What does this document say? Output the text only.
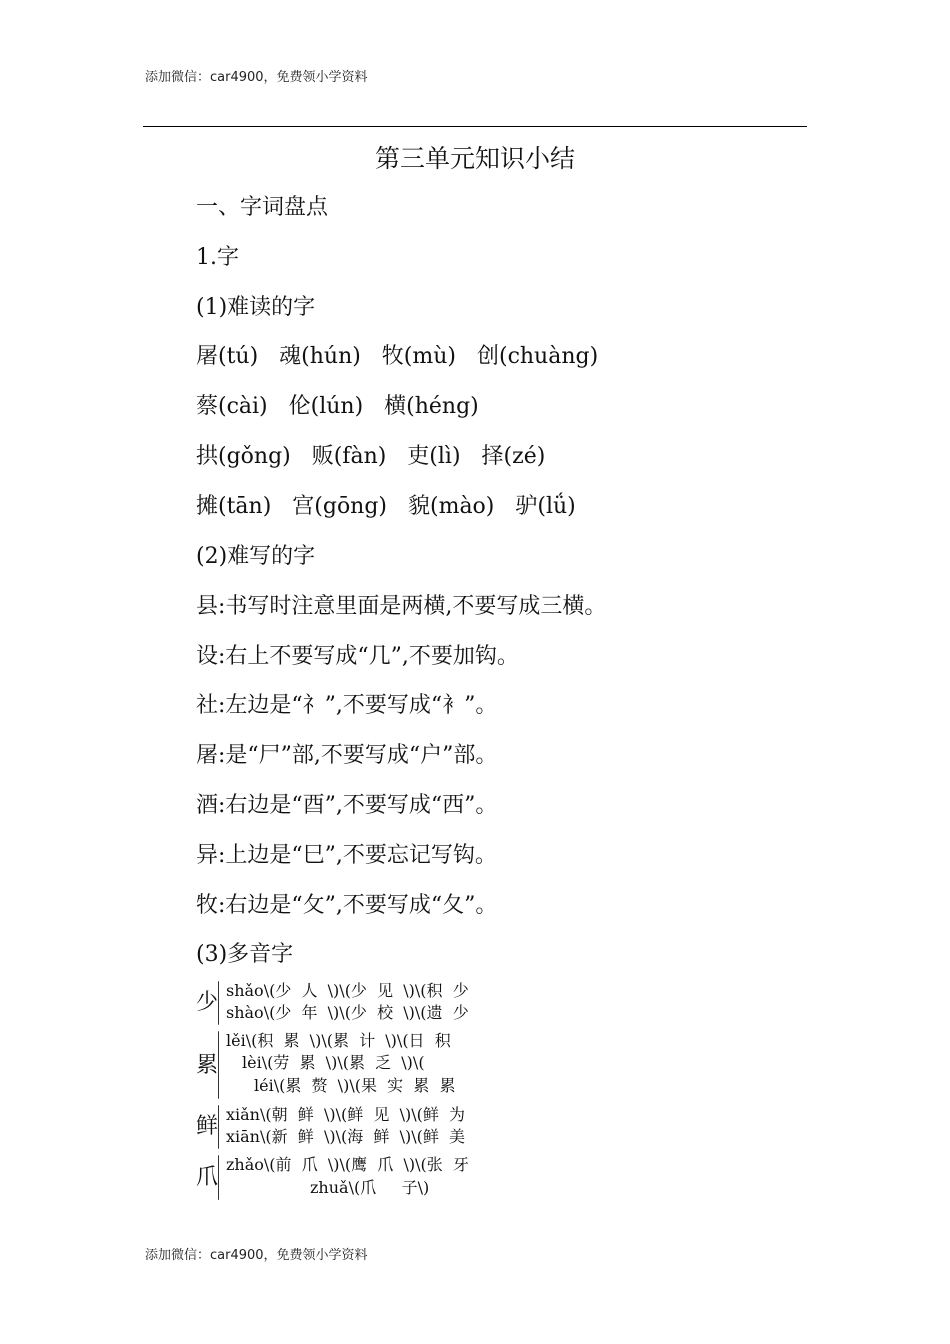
添加微信：car4900，免费领小学资料
第三单元知识小结
一、字词盘点
1.字
(1)难读的字
屠(tú)   魂(hún)   牧(mù)   创(chuàng)
蔡(cài)   伦(lún)   横(héng)
拱(gǒng)   贩(fàn)   吏(lì)   择(zé)
摊(tān)   宫(gōng)   貌(mào)   驴(lǘ)
(2)难写的字
县:书写时注意里面是两横,不要写成三横。
设:右上不要写成“几”,不要加钩。
社:左边是“礻”,不要写成“衤”。
屠:是“尸”部,不要写成“户”部。
酒:右边是“酉”,不要写成“西”。
异:上边是“巳”,不要忘记写钩。
牧:右边是“攵”,不要写成“夂”。
(3)多音字
少 shǎo\(少  人  \)\(少  见  \)\(积  少
shào\(少  年  \)\(少  校  \)\(遗  少
累
lěi\(积  累  \)\(累  计  \)\(日  积
lèi\(劳  累  \)\(累  乏  \)\(
léi\(累  赘  \)\(果  实  累  累
鲜 xiǎn\(朝  鲜  \)\(鲜  见  \)\(鲜  为
xiān\(新  鲜  \)\(海  鲜  \)\(鲜  美
爪
zhǎo\(前  爪  \)\(鹰  爪  \)\(张  牙
zhuǎ\(爪     子\)
添加微信：car4900，免费领小学资料
